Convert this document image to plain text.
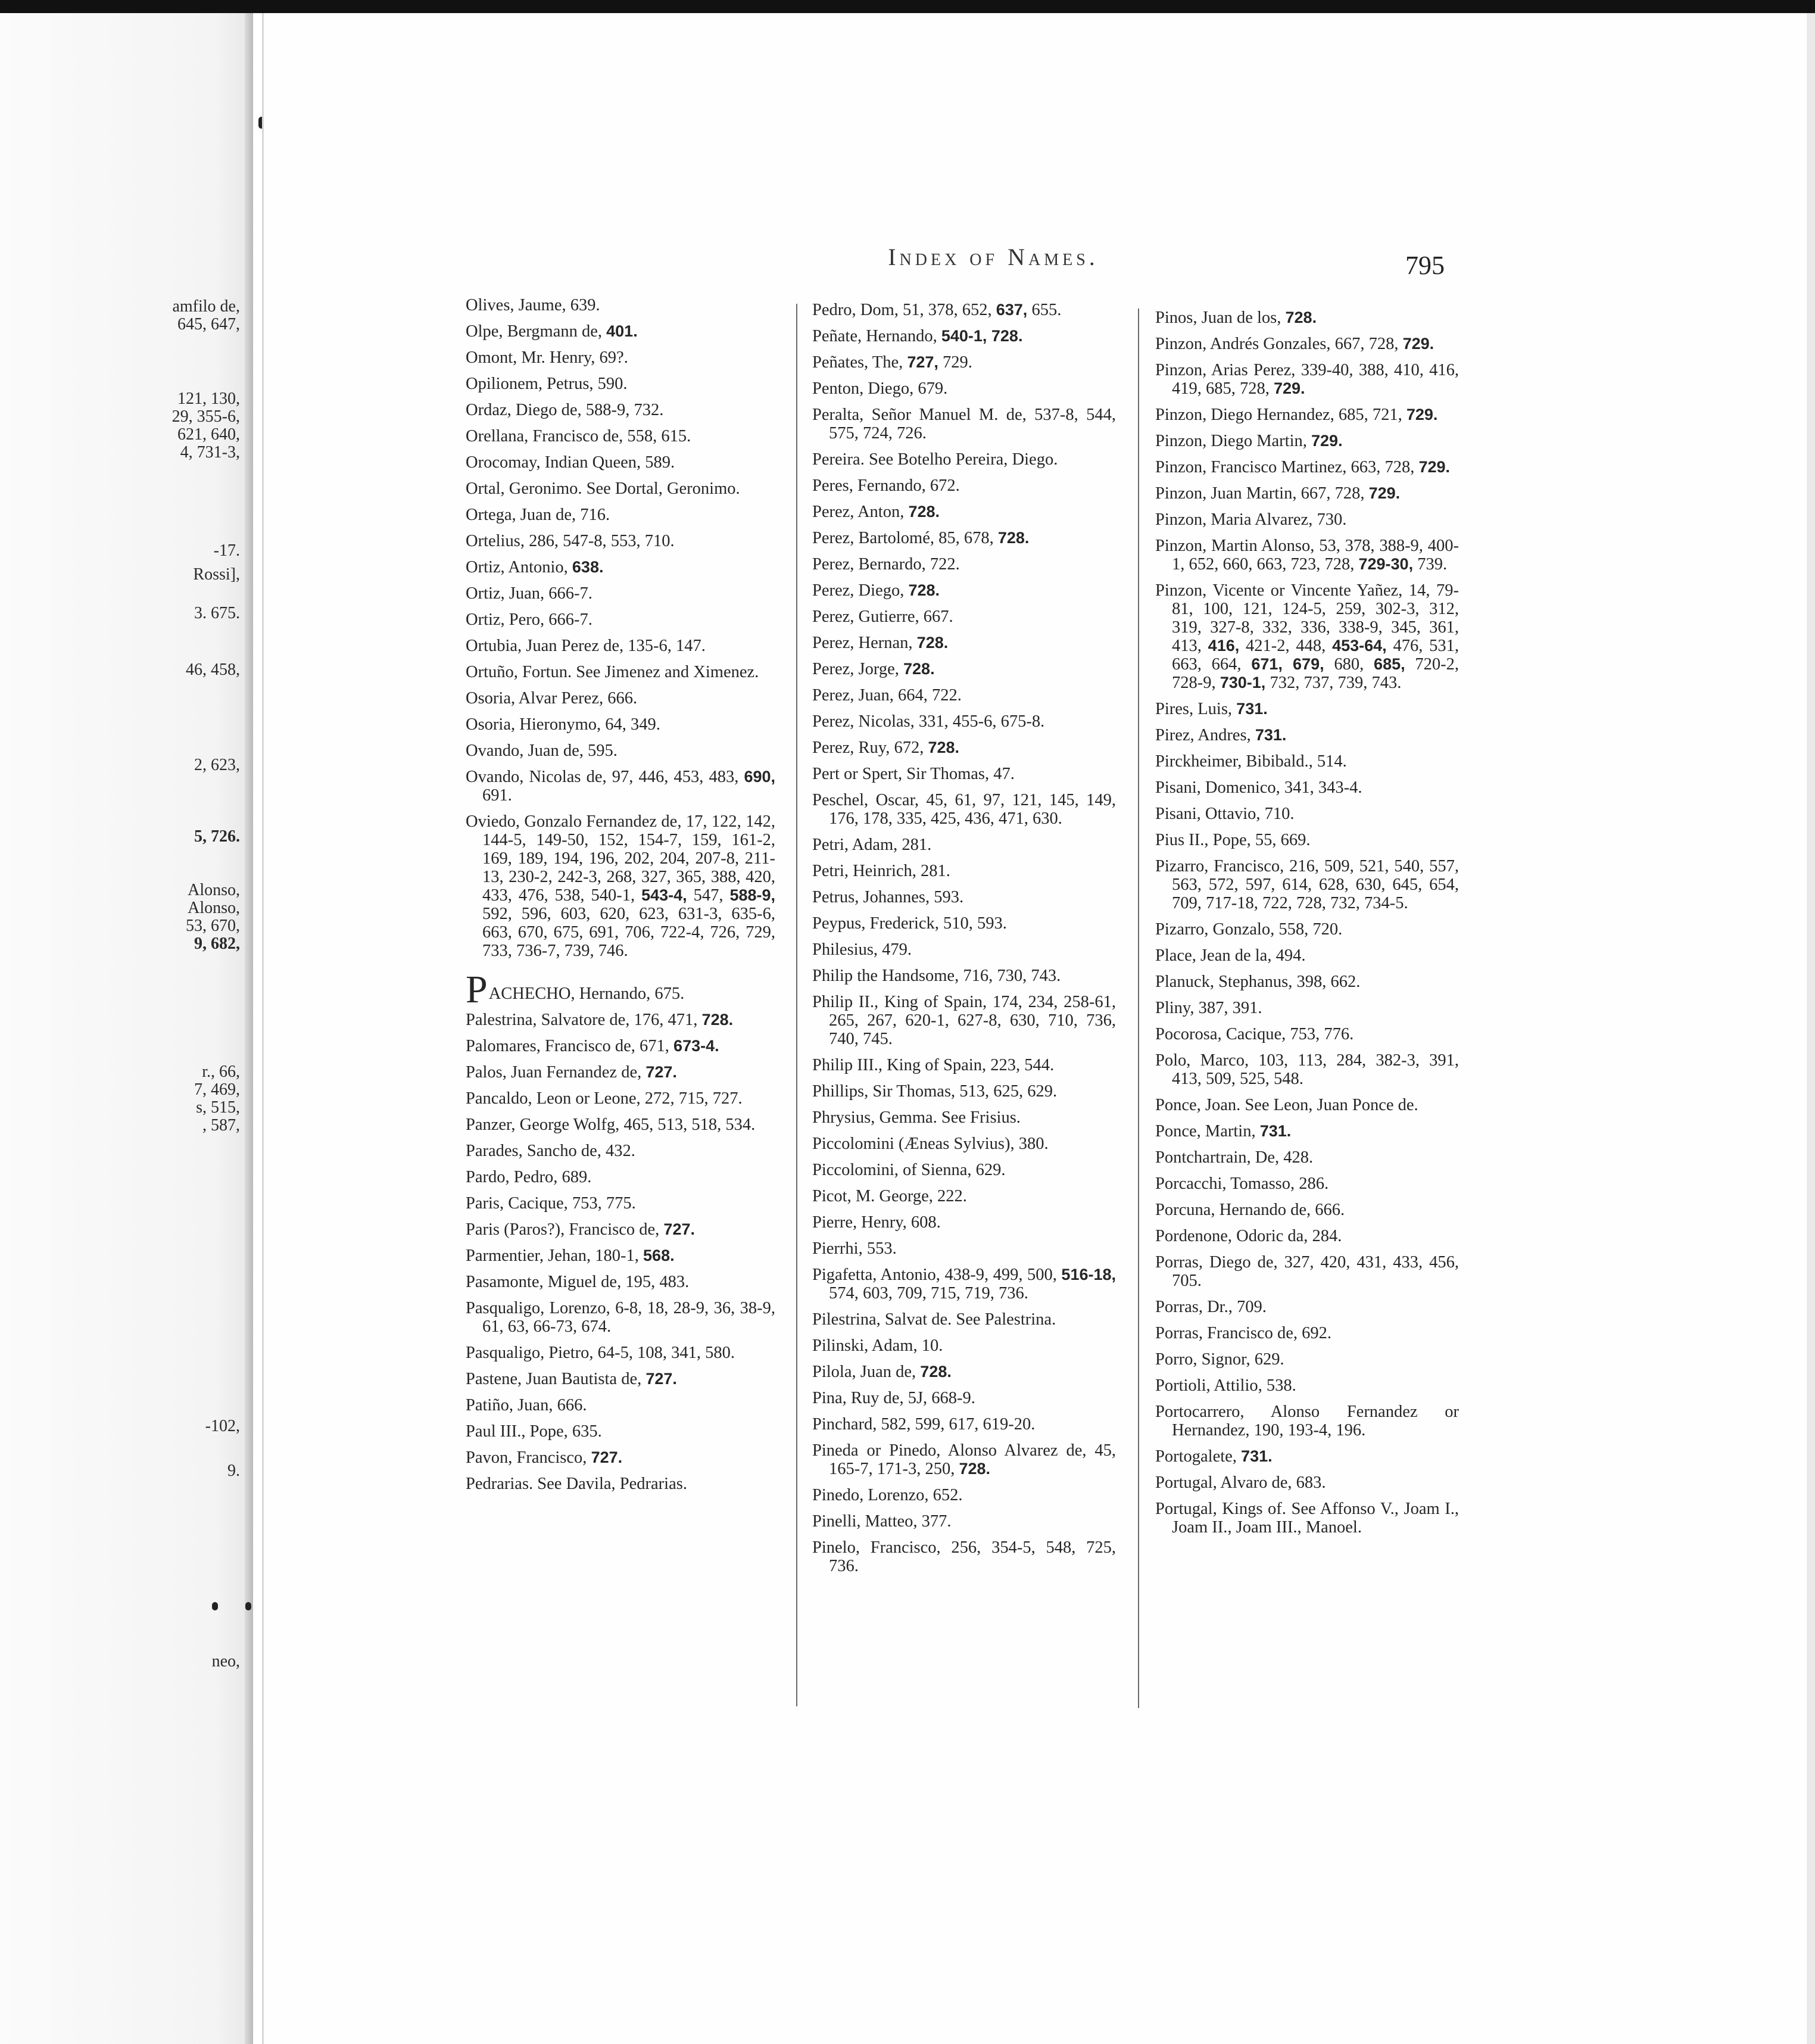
amfilo de,
645, 647,
121, 130,
29, 355-6,
621, 640,
4, 731-3,
-17.
Rossi],
3. 675.
46, 458,
2, 623,
5, 726.
Alonso,
Alonso,
53, 670,
9, 682,
r., 66,
7, 469,
s, 515,
, 587,
-102,
9.
neo,
Index of Names.	795
Olives, Jaume, 639.
Olpe, Bergmann de, 401.
Omont, Mr. Henry, 69?.
Opilionem, Petrus, 590.
Ordaz, Diego de, 588-9, 732.
Orellana, Francisco de, 558, 615.
Orocomay, Indian Queen, 589.
Ortal, Geronimo. See Dortal, Geronimo.
Ortega, Juan de, 716.
Ortelius, 286, 547-8, 553, 710.
Ortiz, Antonio, 638.
Ortiz, Juan, 666-7.
Ortiz, Pero, 666-7.
Ortubia, Juan Perez de, 135-6, 147.
Ortuño, Fortun. See Jimenez and Ximenez.
Osoria, Alvar Perez, 666.
Osoria, Hieronymo, 64, 349.
Ovando, Juan de, 595.
Ovando, Nicolas de, 97, 446, 453, 483, 690, 691.
Oviedo, Gonzalo Fernandez de, 17, 122, 142, 144-5, 149-50, 152, 154-7, 159, 161-2, 169, 189, 194, 196, 202, 204, 207-8, 211-13, 230-2, 242-3, 268, 327, 365, 388, 420, 433, 476, 538, 540-1, 543-4, 547, 588-9, 592, 596, 603, 620, 623, 631-3, 635-6, 663, 670, 675, 691, 706, 722-4, 726, 729, 733, 736-7, 739, 746.
PACHECHO, Hernando, 675.
Palestrina, Salvatore de, 176, 471, 728.
Palomares, Francisco de, 671, 673-4.
Palos, Juan Fernandez de, 727.
Pancaldo, Leon or Leone, 272, 715, 727.
Panzer, George Wolfg, 465, 513, 518, 534.
Parades, Sancho de, 432.
Pardo, Pedro, 689.
Paris, Cacique, 753, 775.
Paris (Paros?), Francisco de, 727.
Parmentier, Jehan, 180-1, 568.
Pasamonte, Miguel de, 195, 483.
Pasqualigo, Lorenzo, 6-8, 18, 28-9, 36, 38-9, 61, 63, 66-73, 674.
Pasqualigo, Pietro, 64-5, 108, 341, 580.
Pastene, Juan Bautista de, 727.
Patiño, Juan, 666.
Paul III., Pope, 635.
Pavon, Francisco, 727.
Pedrarias. See Davila, Pedrarias.
Pedro, Dom, 51, 378, 652, 637, 655.
Peñate, Hernando, 540-1, 728.
Peñates, The, 727, 729.
Penton, Diego, 679.
Peralta, Señor Manuel M. de, 537-8, 544, 575, 724, 726.
Pereira. See Botelho Pereira, Diego.
Peres, Fernando, 672.
Perez, Anton, 728.
Perez, Bartolomé, 85, 678, 728.
Perez, Bernardo, 722.
Perez, Diego, 728.
Perez, Gutierre, 667.
Perez, Hernan, 728.
Perez, Jorge, 728.
Perez, Juan, 664, 722.
Perez, Nicolas, 331, 455-6, 675-8.
Perez, Ruy, 672, 728.
Pert or Spert, Sir Thomas, 47.
Peschel, Oscar, 45, 61, 97, 121, 145, 149, 176, 178, 335, 425, 436, 471, 630.
Petri, Adam, 281.
Petri, Heinrich, 281.
Petrus, Johannes, 593.
Peypus, Frederick, 510, 593.
Philesius, 479.
Philip the Handsome, 716, 730, 743.
Philip II., King of Spain, 174, 234, 258-61, 265, 267, 620-1, 627-8, 630, 710, 736, 740, 745.
Philip III., King of Spain, 223, 544.
Phillips, Sir Thomas, 513, 625, 629.
Phrysius, Gemma. See Frisius.
Piccolomini (Æneas Sylvius), 380.
Piccolomini, of Sienna, 629.
Picot, M. George, 222.
Pierre, Henry, 608.
Pierrhi, 553.
Pigafetta, Antonio, 438-9, 499, 500, 516-18, 574, 603, 709, 715, 719, 736.
Pilestrina, Salvat de. See Palestrina.
Pilinski, Adam, 10.
Pilola, Juan de, 728.
Pina, Ruy de, 5J, 668-9.
Pinchard, 582, 599, 617, 619-20.
Pineda or Pinedo, Alonso Alvarez de, 45, 165-7, 171-3, 250, 728.
Pinedo, Lorenzo, 652.
Pinelli, Matteo, 377.
Pinelo, Francisco, 256, 354-5, 548, 725, 736.
Pinos, Juan de los, 728.
Pinzon, Andrés Gonzales, 667, 728, 729.
Pinzon, Arias Perez, 339-40, 388, 410, 416, 419, 685, 728, 729.
Pinzon, Diego Hernandez, 685, 721, 729.
Pinzon, Diego Martin, 729.
Pinzon, Francisco Martinez, 663, 728, 729.
Pinzon, Juan Martin, 667, 728, 729.
Pinzon, Maria Alvarez, 730.
Pinzon, Martin Alonso, 53, 378, 388-9, 400-1, 652, 660, 663, 723, 728, 729-30, 739.
Pinzon, Vicente or Vincente Yañez, 14, 79-81, 100, 121, 124-5, 259, 302-3, 312, 319, 327-8, 332, 336, 338-9, 345, 361, 413, 416, 421-2, 448, 453-64, 476, 531, 663, 664, 671, 679, 680, 685, 720-2, 728-9, 730-1, 732, 737, 739, 743.
Pires, Luis, 731.
Pirez, Andres, 731.
Pirckheimer, Bibibald., 514.
Pisani, Domenico, 341, 343-4.
Pisani, Ottavio, 710.
Pius II., Pope, 55, 669.
Pizarro, Francisco, 216, 509, 521, 540, 557, 563, 572, 597, 614, 628, 630, 645, 654, 709, 717-18, 722, 728, 732, 734-5.
Pizarro, Gonzalo, 558, 720.
Place, Jean de la, 494.
Planuck, Stephanus, 398, 662.
Pliny, 387, 391.
Pocorosa, Cacique, 753, 776.
Polo, Marco, 103, 113, 284, 382-3, 391, 413, 509, 525, 548.
Ponce, Joan. See Leon, Juan Ponce de.
Ponce, Martin, 731.
Pontchartrain, De, 428.
Porcacchi, Tomasso, 286.
Porcuna, Hernando de, 666.
Pordenone, Odoric da, 284.
Porras, Diego de, 327, 420, 431, 433, 456, 705.
Porras, Dr., 709.
Porras, Francisco de, 692.
Porro, Signor, 629.
Portioli, Attilio, 538.
Portocarrero, Alonso Fernandez or Hernandez, 190, 193-4, 196.
Portogalete, 731.
Portugal, Alvaro de, 683.
Portugal, Kings of. See Affonso V., Joam I., Joam II., Joam III., Manoel.
